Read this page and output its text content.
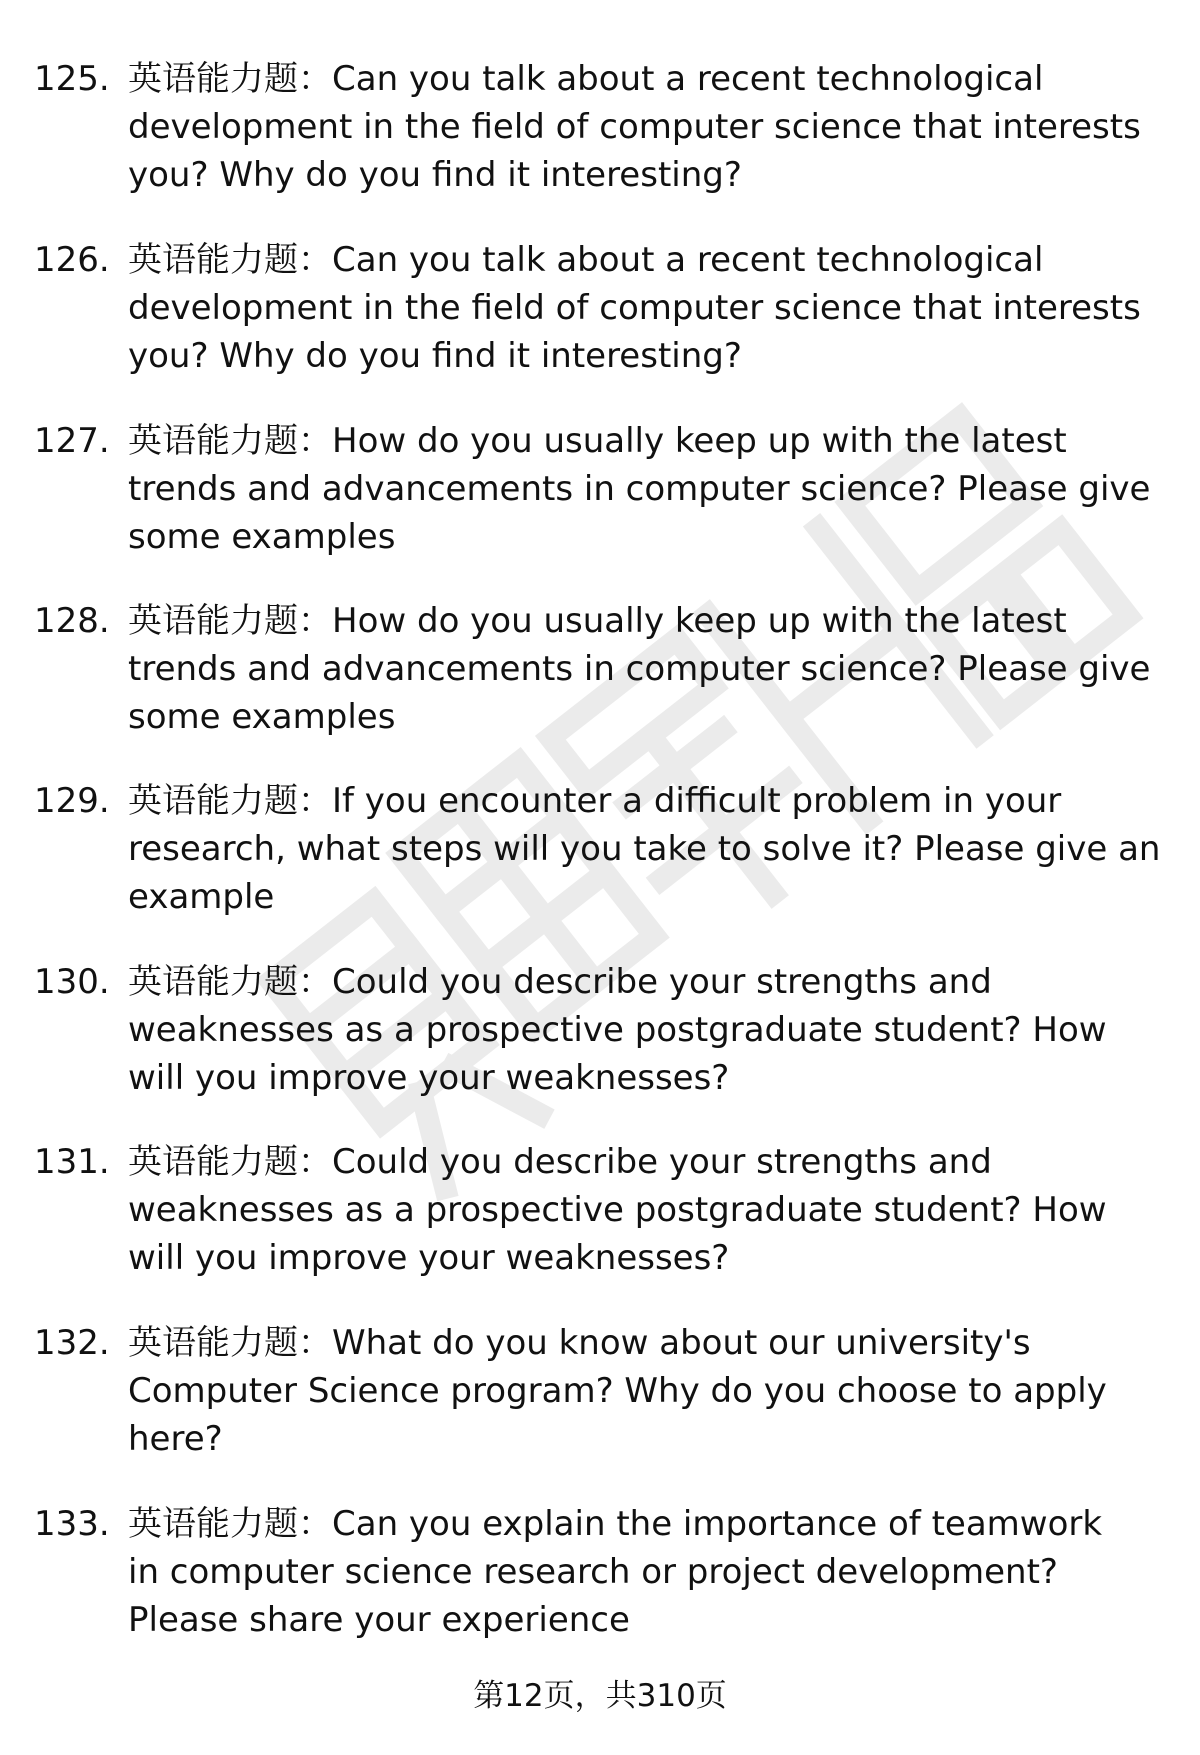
125. 英语能力题：Can you talk about a recent technological
development in the field of computer science that interests
you? Why do you find it interesting?
126. 英语能力题：Can you talk about a recent technological
development in the field of computer science that interests
you? Why do you find it interesting?
127. 英语能力题：How do you usually keep up with the latest
trends and advancements in computer science? Please give
some examples
128. 英语能力题：How do you usually keep up with the latest
trends and advancements in computer science? Please give
some examples
129. 英语能力题：If you encounter a difficult problem in your
research, what steps will you take to solve it? Please give an
example
130. 英语能力题：Could you describe your strengths and
weaknesses as a prospective postgraduate student? How
will you improve your weaknesses?
131. 英语能力题：Could you describe your strengths and
weaknesses as a prospective postgraduate student? How
will you improve your weaknesses?
132. 英语能力题：What do you know about our university's
Computer Science program? Why do you choose to apply
here?
133. 英语能力题：Can you explain the importance of teamwork
in computer science research or project development?
Please share your experience
第12页，共310页
